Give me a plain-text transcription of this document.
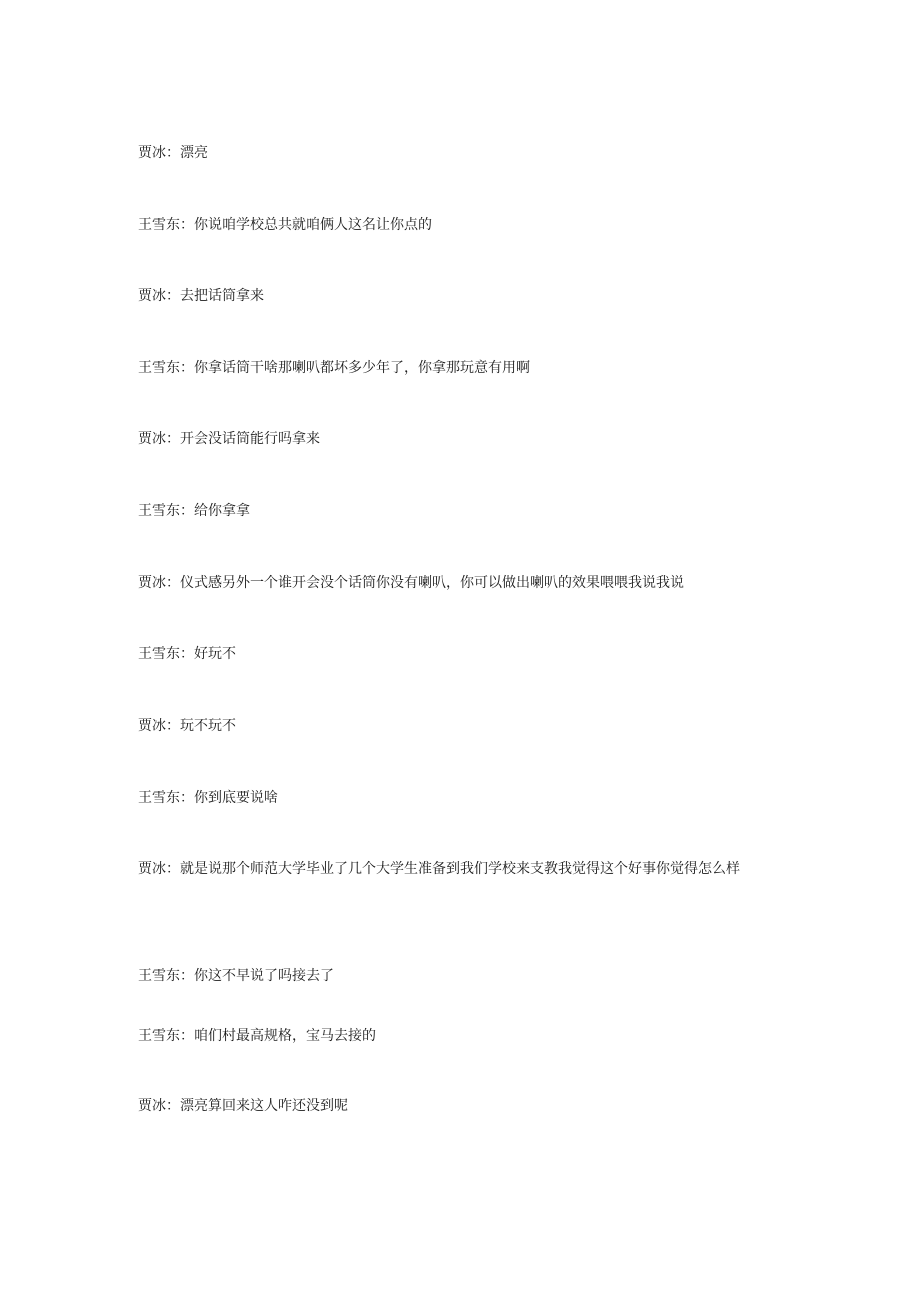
贾冰：漂亮
王雪东：你说咱学校总共就咱俩人这名让你点的
贾冰：去把话筒拿来
王雪东：你拿话筒干啥那喇叭都坏多少年了，你拿那玩意有用啊
贾冰：开会没话筒能行吗拿来
王雪东：给你拿拿
贾冰：仪式感另外一个谁开会没个话筒你没有喇叭，你可以做出喇叭的效果喂喂我说我说
王雪东：好玩不
贾冰：玩不玩不
王雪东：你到底要说啥
贾冰：就是说那个师范大学毕业了几个大学生准备到我们学校来支教我觉得这个好事你觉得怎么样
王雪东：你这不早说了吗接去了
王雪东：咱们村最高规格，宝马去接的
贾冰：漂亮算回来这人咋还没到呢
